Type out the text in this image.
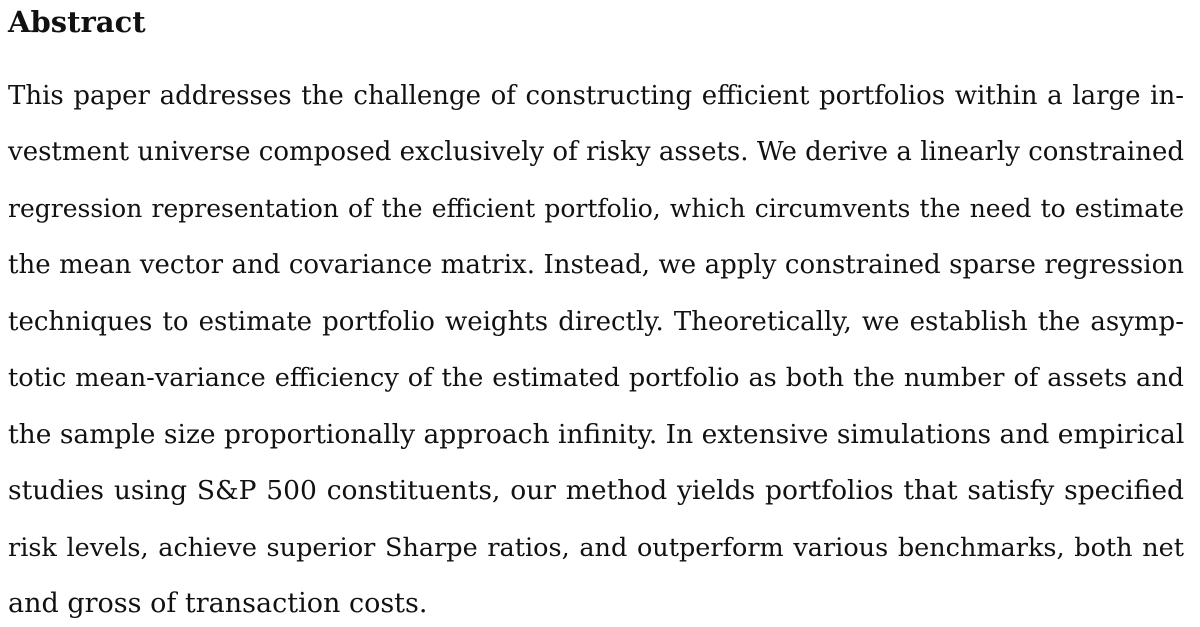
Abstract
This paper addresses the challenge of constructing efficient portfolios within a large in-
vestment universe composed exclusively of risky assets. We derive a linearly constrained
regression representation of the efficient portfolio, which circumvents the need to estimate
the mean vector and covariance matrix. Instead, we apply constrained sparse regression
techniques to estimate portfolio weights directly. Theoretically, we establish the asymp-
totic mean-variance efficiency of the estimated portfolio as both the number of assets and
the sample size proportionally approach infinity. In extensive simulations and empirical
studies using S&P 500 constituents, our method yields portfolios that satisfy specified
risk levels, achieve superior Sharpe ratios, and outperform various benchmarks, both net
and gross of transaction costs.
